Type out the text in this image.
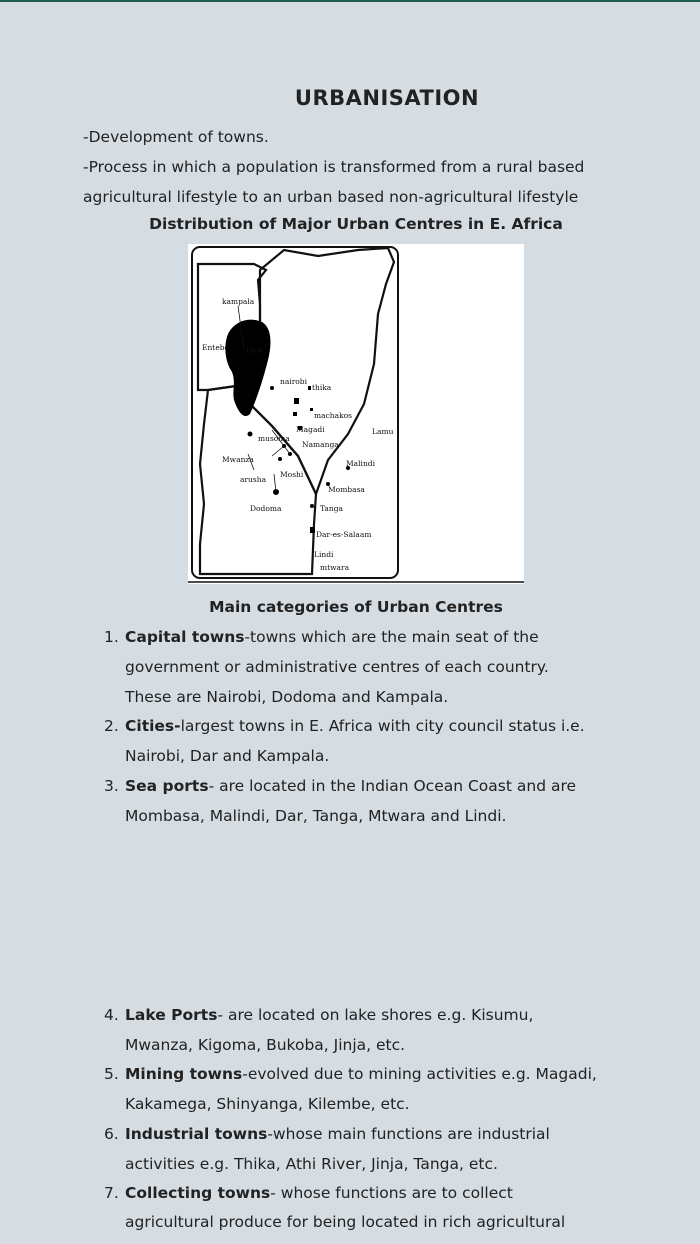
URBANISATION
-Development of towns.
-Process in which a population is transformed from a rural based
agricultural lifestyle to an urban based non-agricultural lifestyle
Distribution of Major Urban Centres in E. Africa
kampala
Entebe Jinja
nairobi
thika
machakos
Magadi	Lamu
musoma
Namanga
Mwanza
arusha
Moshi
Malindi
Mombasa
Dodoma	Tanga
Dar-es-Salaam
Lindi
mtwara
Main categories of Urban Centres
1. Capital towns-towns which are the main seat of the
government or administrative centres of each country.
These are Nairobi, Dodoma and Kampala.
2. Cities-largest towns in E. Africa with city council status i.e.
Nairobi, Dar and Kampala.
3. Sea ports- are located in the Indian Ocean Coast and are
Mombasa, Malindi, Dar, Tanga, Mtwara and Lindi.
4. Lake Ports- are located on lake shores e.g. Kisumu,
Mwanza, Kigoma, Bukoba, Jinja, etc.
5. Mining towns-evolved due to mining activities e.g. Magadi,
Kakamega, Shinyanga, Kilembe, etc.
6. Industrial towns-whose main functions are industrial
activities e.g. Thika, Athi River, Jinja, Tanga, etc.
7. Collecting towns- whose functions are to collect
agricultural produce for being located in rich agricultural
